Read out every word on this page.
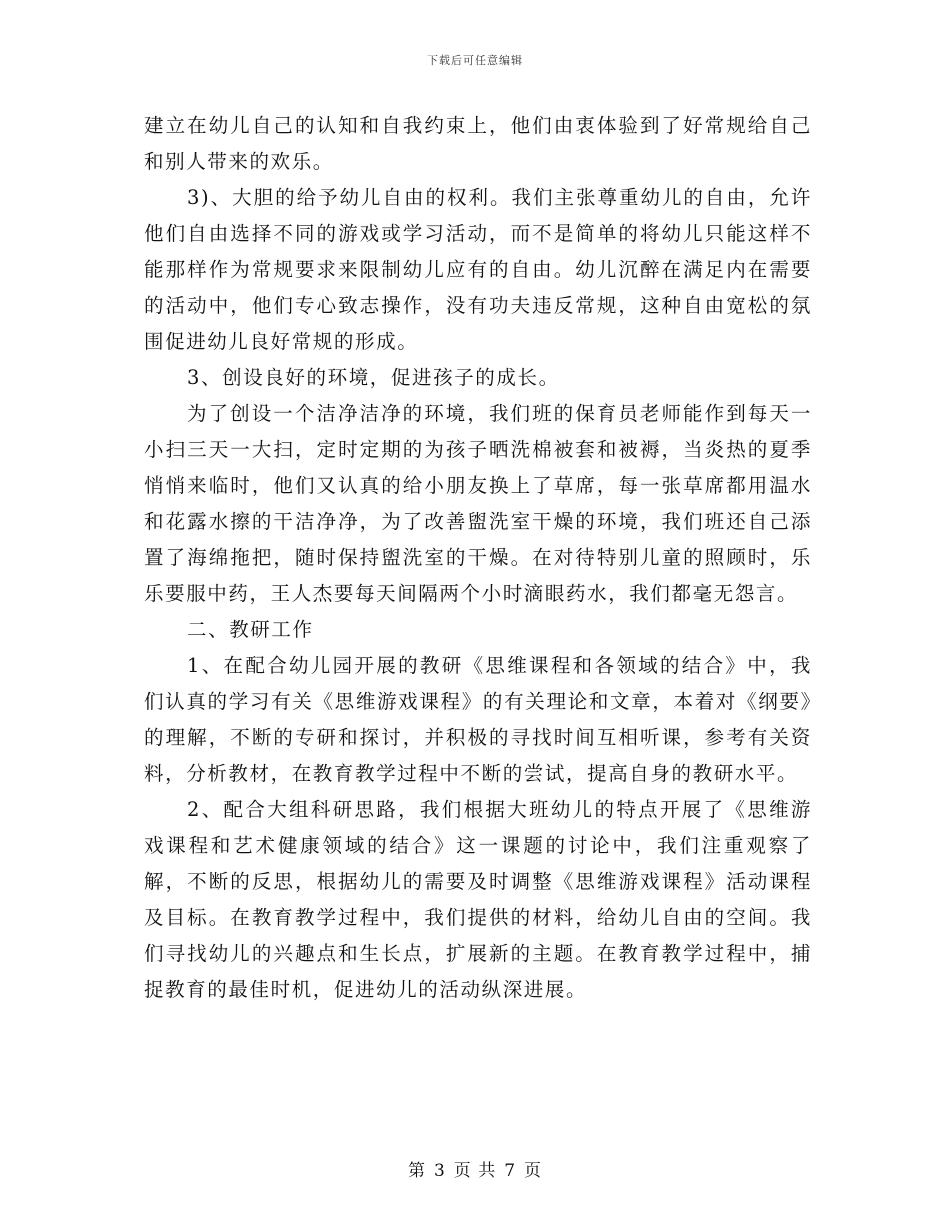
下载后可任意编辑

建立在幼儿自己的认知和自我约束上，他们由衷体验到了好常规给自己和别人带来的欢乐。

3)、大胆的给予幼儿自由的权利。我们主张尊重幼儿的自由，允许他们自由选择不同的游戏或学习活动，而不是简单的将幼儿只能这样不能那样作为常规要求来限制幼儿应有的自由。幼儿沉醉在满足内在需要的活动中，他们专心致志操作，没有功夫违反常规，这种自由宽松的氛围促进幼儿良好常规的形成。

3、创设良好的环境，促进孩子的成长。

为了创设一个洁净洁净的环境，我们班的保育员老师能作到每天一小扫三天一大扫，定时定期的为孩子晒洗棉被套和被褥，当炎热的夏季悄悄来临时，他们又认真的给小朋友换上了草席，每一张草席都用温水和花露水擦的干洁净净，为了改善盥洗室干燥的环境，我们班还自己添置了海绵拖把，随时保持盥洗室的干燥。在对待特别儿童的照顾时，乐乐要服中药，王人杰要每天间隔两个小时滴眼药水，我们都毫无怨言。

二、教研工作

1、在配合幼儿园开展的教研《思维课程和各领域的结合》中，我们认真的学习有关《思维游戏课程》的有关理论和文章，本着对《纲要》的理解，不断的专研和探讨，并积极的寻找时间互相听课，参考有关资料，分析教材，在教育教学过程中不断的尝试，提高自身的教研水平。

2、配合大组科研思路，我们根据大班幼儿的特点开展了《思维游戏课程和艺术健康领域的结合》这一课题的讨论中，我们注重观察了解，不断的反思，根据幼儿的需要及时调整《思维游戏课程》活动课程及目标。在教育教学过程中，我们提供的材料，给幼儿自由的空间。我们寻找幼儿的兴趣点和生长点，扩展新的主题。在教育教学过程中，捕捉教育的最佳时机，促进幼儿的活动纵深进展。

第 3 页 共 7 页
